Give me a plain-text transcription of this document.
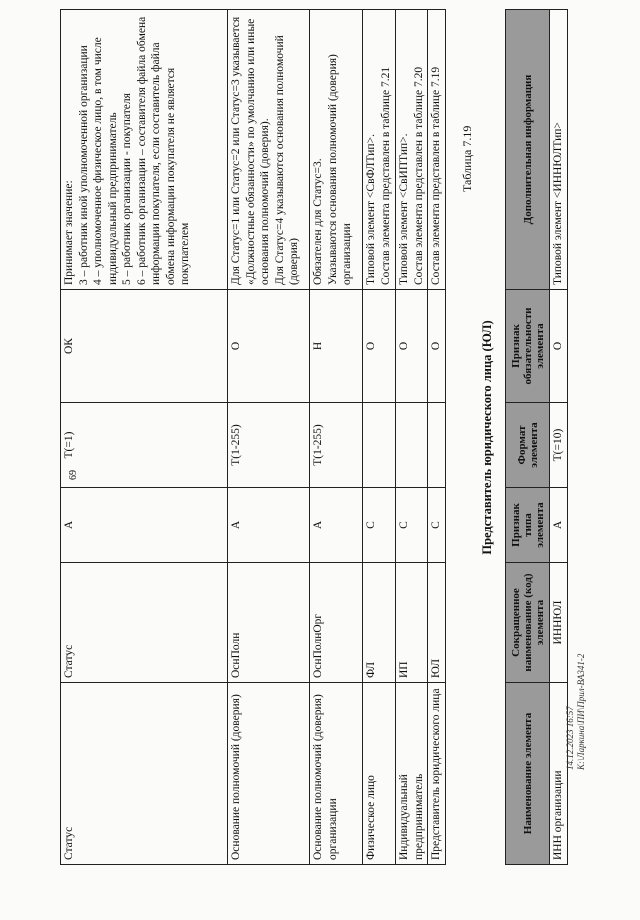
69
Статус	Статус	А	T(=1)	ОК	Принимает значение: 3 – работник иной уполномоченной организации 4 – уполномоченное физическое лицо, в том числе индивидуальный предприниматель 5 – работник организации - покупателя 6 – работник организации – составителя файла обмена информации покупателя, если составитель файла обмена информации покупателя не является покупателем

Основание полномочий (доверия)	ОснПолн	А	T(1-255)	О	Для Статус=1 или Статус=2 или Статус=3 указывается «Должностные обязанности» по умолчанию или иные основания полномочий (доверия). Для Статус=4 указываются основания полномочий (доверия)

Основание полномочий (доверия) организации	ОснПолнОрг	А	T(1-255)	Н	Обязателен для Статус=3. Указываются основания полномочий (доверия) организации

Физическое лицо	ФЛ	С		О	Типовой элемент <СвФЛТип>. Состав элемента представлен в таблице 7.21

Индивидуальный предприниматель	ИП	С		О	Типовой элемент <СвИПТип>. Состав элемента представлен в таблице 7.20

Представитель юридического лица	ЮЛ	С		О	Состав элемента представлен в таблице 7.19 Таблица 7.19
Представитель юридического лица (ЮЛ)
Наименование элемента	Сокращенное наименование (код) элемента	Признак типа элемента	Формат элемента	Признак обязательности элемента	Дополнительная информация
ИНН организации	ИННЮЛ	А	T(=10)	О	Типовой элемент <ИННЮЛТип>
14.12.2023 16:57 К:\Ларкина\ПИ\Прил-ВА341-2
